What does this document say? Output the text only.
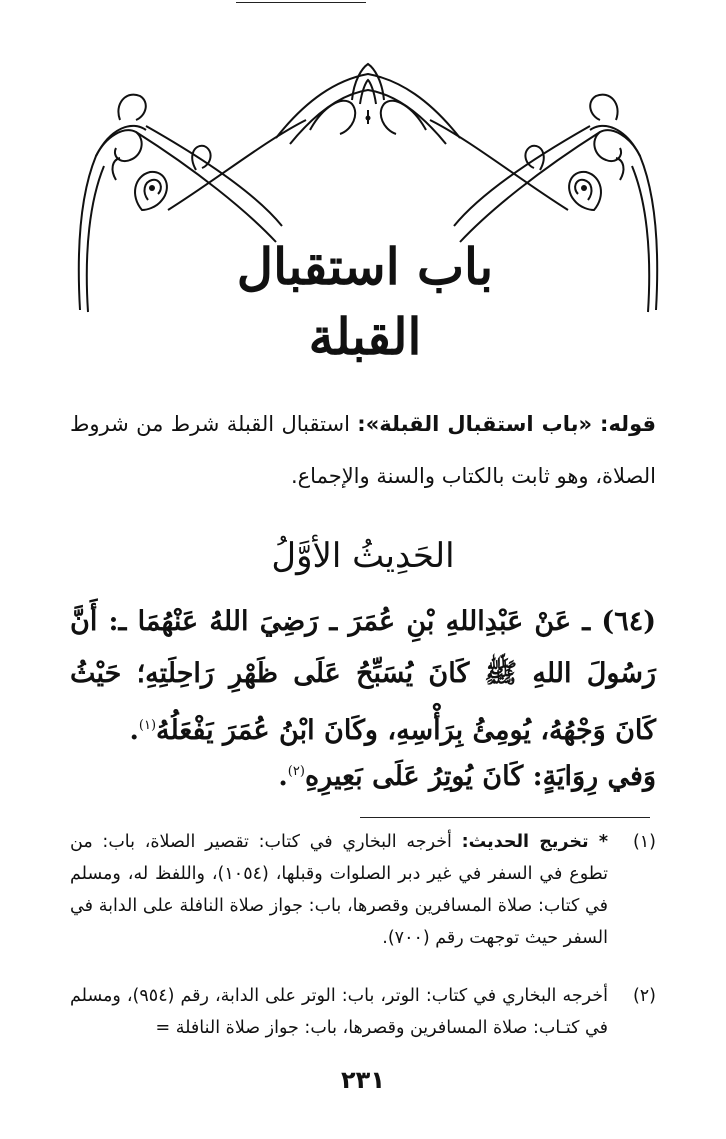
باب استقبال القبلة
قوله: «باب استقبال القبلة»: استقبال القبلة شرط من شروط الصلاة، وهو ثابت بالكتاب والسنة والإجماع.
الحَدِيثُ الأوَّلُ
(٦٤) ـ عَنْ عَبْدِاللهِ بْنِ عُمَرَ ـ رَضِيَ اللهُ عَنْهُمَا ـ: أَنَّ رَسُولَ اللهِ ﷺ كَانَ يُسَبِّحُ عَلَى ظَهْرِ رَاحِلَتِهِ؛ حَيْثُ كَانَ وَجْهُهُ، يُومِئُ بِرَأْسِهِ، وكَانَ ابْنُ عُمَرَ يَفْعَلُهُ$^{(١)}$.
وَفي رِوَايَةٍ: كَانَ يُوتِرُ عَلَى بَعِيرِهِ$^{(٢)}$.
(١)
* تخريج الحديث: أخرجه البخاري في كتاب: تقصير الصلاة، باب: من تطوع في السفر في غير دبر الصلوات وقبلها، (١٠٥٤)، واللفظ له، ومسلم في كتاب: صلاة المسافرين وقصرها، باب: جواز صلاة النافلة على الدابة في السفر حيث توجهت رقم (٧٠٠).
(٢)
أخرجه البخاري في كتاب: الوتر، باب: الوتر على الدابة، رقم (٩٥٤)، ومسلم في كتـاب: صلاة المسافرين وقصرها، باب: جواز صلاة النافلة =
٢٣١
